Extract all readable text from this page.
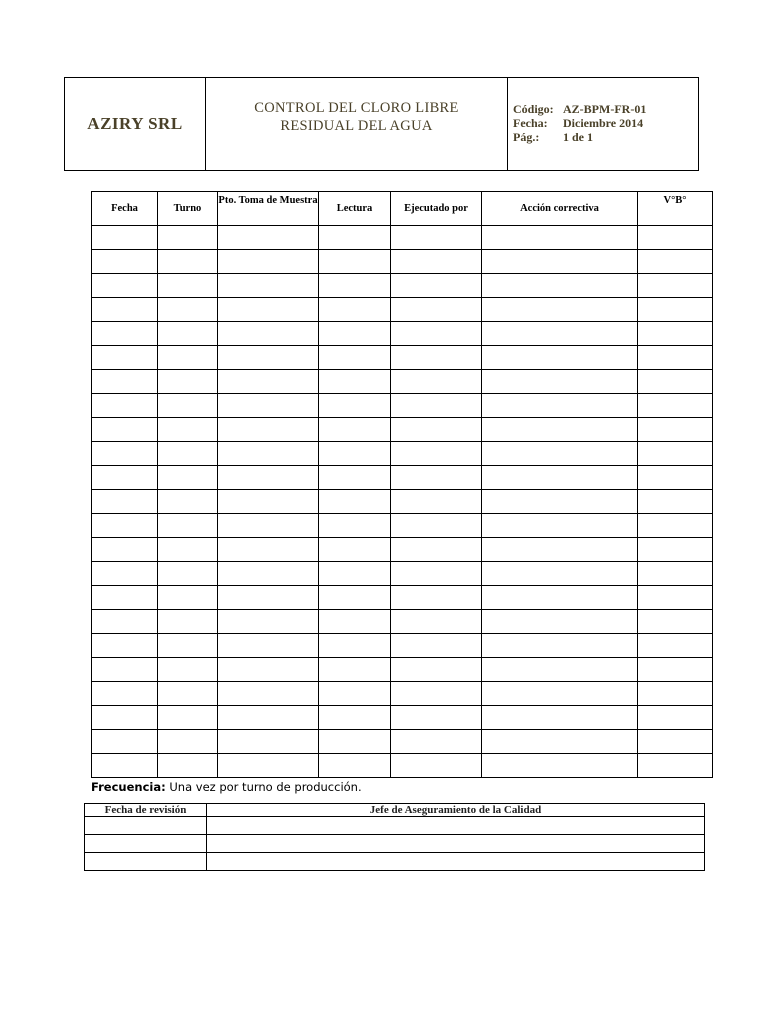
AZIRY SRL
CONTROL DEL CLORO LIBRE
RESIDUAL DEL AGUA
Código: AZ-BPM-FR-01
Fecha:	Diciembre 2014
Pág.:	1 de 1
Fecha	Turno	Pto. Toma de Muestra	Lectura	Ejecutado por	Acción correctiva	V°B°

Frecuencia: Una vez por turno de producción.
Fecha de revisión	Jefe de Aseguramiento de la Calidad
